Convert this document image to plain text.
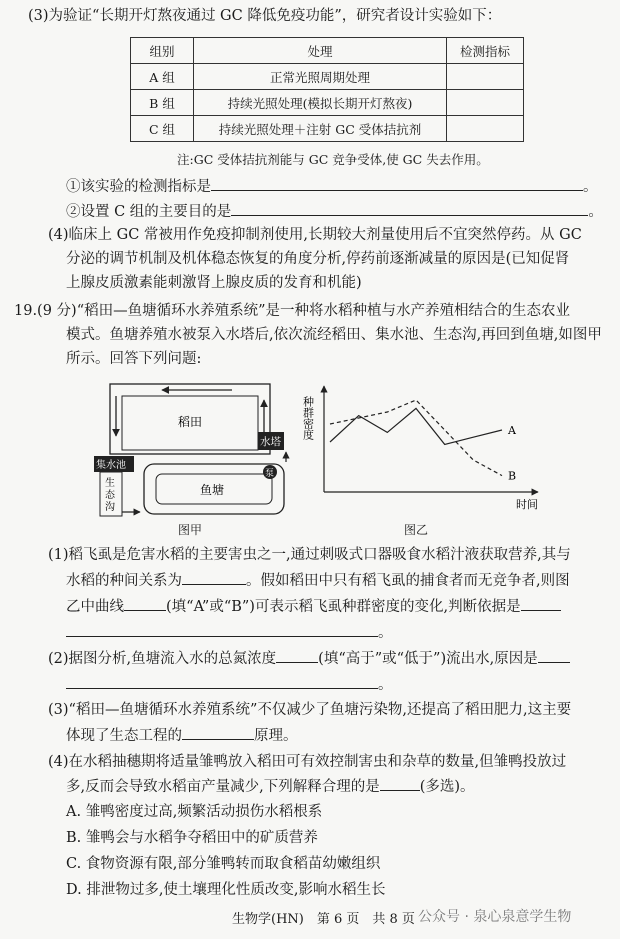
(3)为验证“长期开灯熬夜通过 GC 降低免疫功能”，研究者设计实验如下：
组别	处理	检测指标
A 组	正常光照周期处理	
B 组	持续光照处理(模拟长期开灯熬夜)	
C 组	持续光照处理＋注射 GC 受体拮抗剂	
注:GC 受体拮抗剂能与 GC 竞争受体,使 GC 失去作用。
①该实验的检测指标是	。
②设置 C 组的主要目的是	。
(4)临床上 GC 常被用作免疫抑制剂使用,长期较大剂量使用后不宜突然停药。从 GC
分泌的调节机制及机体稳态恢复的角度分析,停药前逐渐减量的原因是(已知促肾
上腺皮质激素能刺激肾上腺皮质的发育和机能)
19.(9 分)“稻田—鱼塘循环水养殖系统”是一种将水稻种植与水产养殖相结合的生态农业
模式。鱼塘养殖水被泵入水塔后,依次流经稻田、集水池、生态沟,再回到鱼塘,如图甲
所示。回答下列问题:
稻田
水塔
集水池
生
态
沟
鱼塘
泵
图甲
种群密度
时间
A
B
图乙
(1)稻飞虱是危害水稻的主要害虫之一,通过刺吸式口器吸食水稻汁液获取营养,其与
水稻的种间关系为	。假如稻田中只有稻飞虱的捕食者而无竞争者,则图
乙中曲线	(填“A”或“B”)可表示稻飞虱种群密度的变化,判断依据是
。
(2)据图分析,鱼塘流入水的总氮浓度	(填“高于”或“低于”)流出水,原因是
。
(3)“稻田—鱼塘循环水养殖系统”不仅减少了鱼塘污染物,还提高了稻田肥力,这主要
体现了生态工程的	原理。
(4)在水稻抽穗期将适量雏鸭放入稻田可有效控制害虫和杂草的数量,但雏鸭投放过
多,反而会导致水稻亩产量减少,下列解释合理的是	(多选)。
A. 雏鸭密度过高,频繁活动损伤水稻根系
B. 雏鸭会与水稻争夺稻田中的矿质营养
C. 食物资源有限,部分雏鸭转而取食稻苗幼嫩组织
D. 排泄物过多,使土壤理化性质改变,影响水稻生长
生物学(HN)　第 6 页　共 8 页 公众号 · 泉心泉意学生物
